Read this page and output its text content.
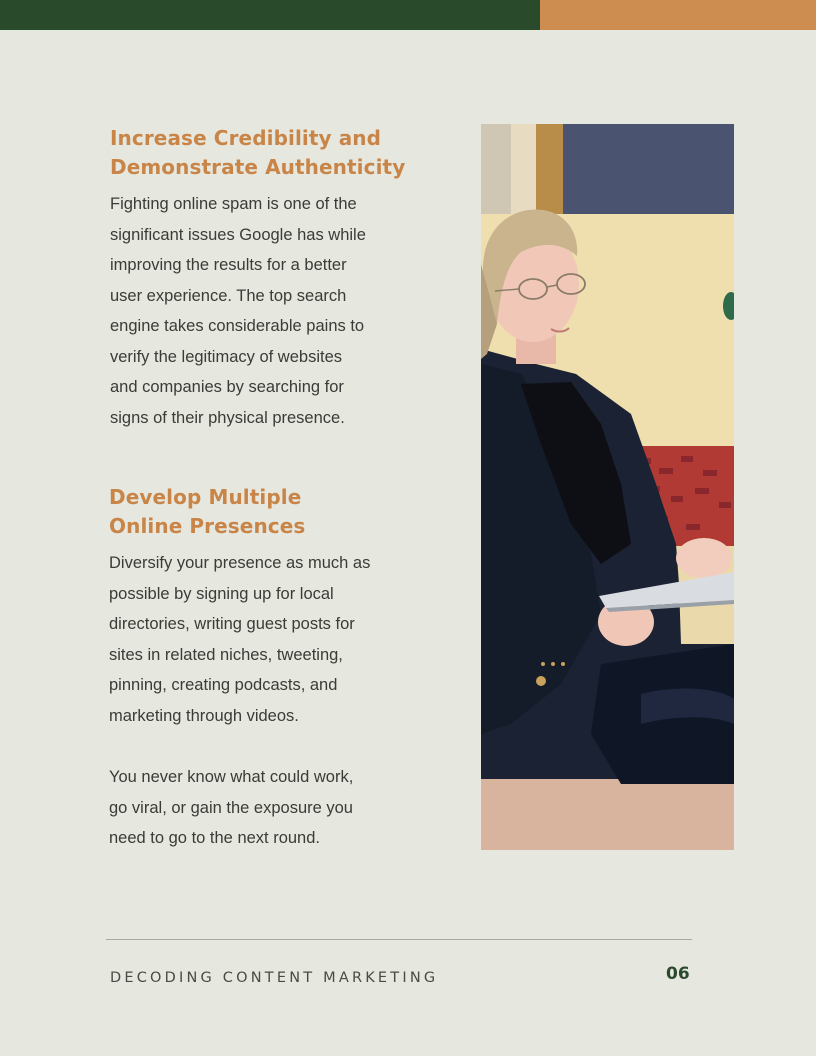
Increase Credibility and
Demonstrate Authenticity

Fighting online spam is one of the
significant issues Google has while
improving the results for a better
user experience. The top search
engine takes considerable pains to
verify the legitimacy of websites
and companies by searching for
signs of their physical presence.

Develop Multiple
Online Presences

Diversify your presence as much as
possible by signing up for local
directories, writing guest posts for
sites in related niches, tweeting,
pinning, creating podcasts, and
marketing through videos.

You never know what could work,
go viral, or gain the exposure you
need to go to the next round.

DECODING CONTENT MARKETING	06
